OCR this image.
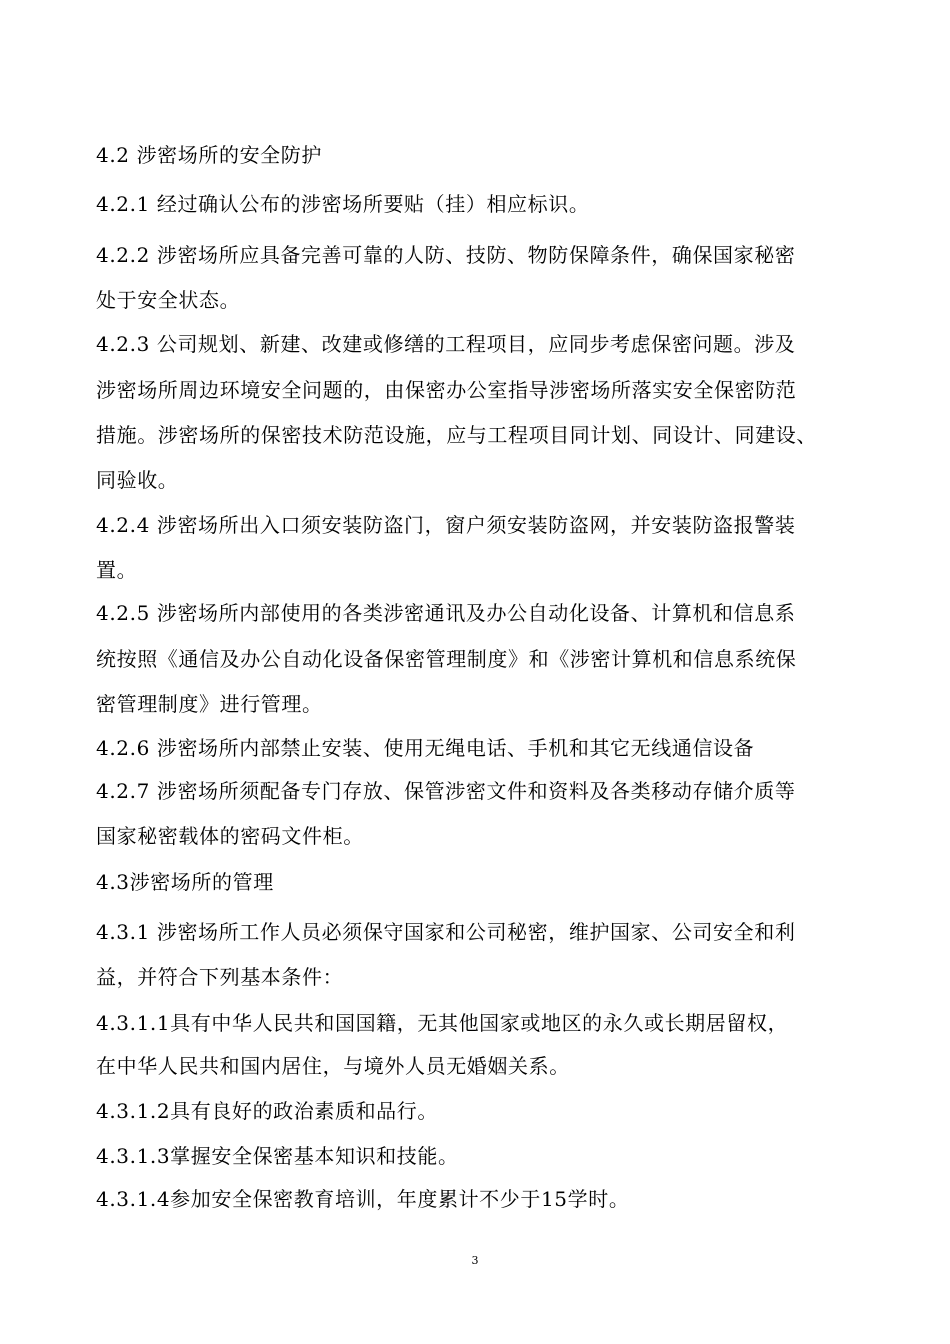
4.2 涉密场所的安全防护
4.2.1 经过确认公布的涉密场所要贴（挂）相应标识。
4.2.2 涉密场所应具备完善可靠的人防、技防、物防保障条件，确保国家秘密
处于安全状态。
4.2.3 公司规划、新建、改建或修缮的工程项目，应同步考虑保密问题。涉及
涉密场所周边环境安全问题的，由保密办公室指导涉密场所落实安全保密防范
措施。涉密场所的保密技术防范设施，应与工程项目同计划、同设计、同建设、
同验收。
4.2.4 涉密场所出入口须安装防盗门，窗户须安装防盗网，并安装防盗报警装
置。
4.2.5 涉密场所内部使用的各类涉密通讯及办公自动化设备、计算机和信息系
统按照《通信及办公自动化设备保密管理制度》和《涉密计算机和信息系统保
密管理制度》进行管理。
4.2.6 涉密场所内部禁止安装、使用无绳电话、手机和其它无线通信设备
4.2.7 涉密场所须配备专门存放、保管涉密文件和资料及各类移动存储介质等
国家秘密载体的密码文件柜。
4.3涉密场所的管理
4.3.1 涉密场所工作人员必须保守国家和公司秘密，维护国家、公司安全和利
益，并符合下列基本条件：
4.3.1.1具有中华人民共和国国籍，无其他国家或地区的永久或长期居留权，
在中华人民共和国内居住，与境外人员无婚姻关系。
4.3.1.2具有良好的政治素质和品行。
4.3.1.3掌握安全保密基本知识和技能。
4.3.1.4参加安全保密教育培训，年度累计不少于15学时。
3
